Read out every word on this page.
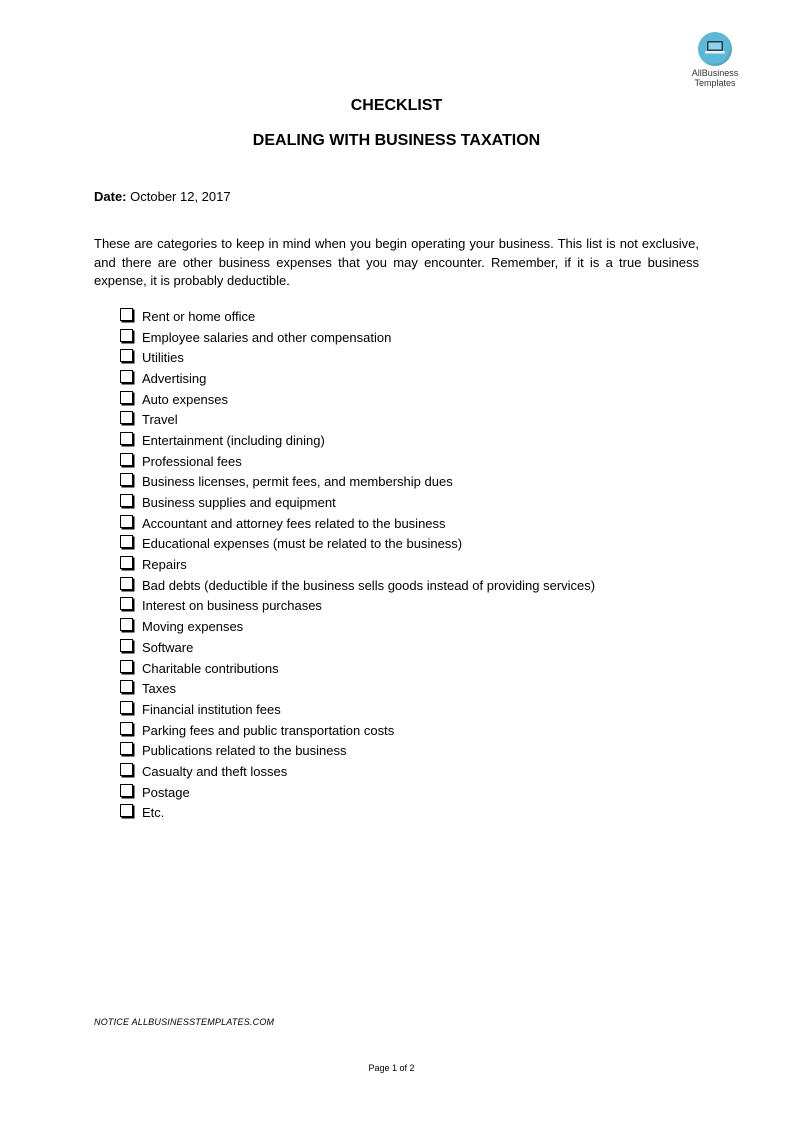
AllBusiness
Templates
CHECKLIST
DEALING WITH BUSINESS TAXATION
Date: October 12, 2017
These are categories to keep in mind when you begin operating your business. This list is not exclusive, and there are other business expenses that you may encounter. Remember, if it is a true business expense, it is probably deductible.
Rent or home office
Employee salaries and other compensation
Utilities
Advertising
Auto expenses
Travel
Entertainment (including dining)
Professional fees
Business licenses, permit fees, and membership dues
Business supplies and equipment
Accountant and attorney fees related to the business
Educational expenses (must be related to the business)
Repairs
Bad debts (deductible if the business sells goods instead of providing services)
Interest on business purchases
Moving expenses
Software
Charitable contributions
Taxes
Financial institution fees
Parking fees and public transportation costs
Publications related to the business
Casualty and theft losses
Postage
Etc.
NOTICE ALLBUSINESSTEMPLATES.COM
Page 1 of 2
